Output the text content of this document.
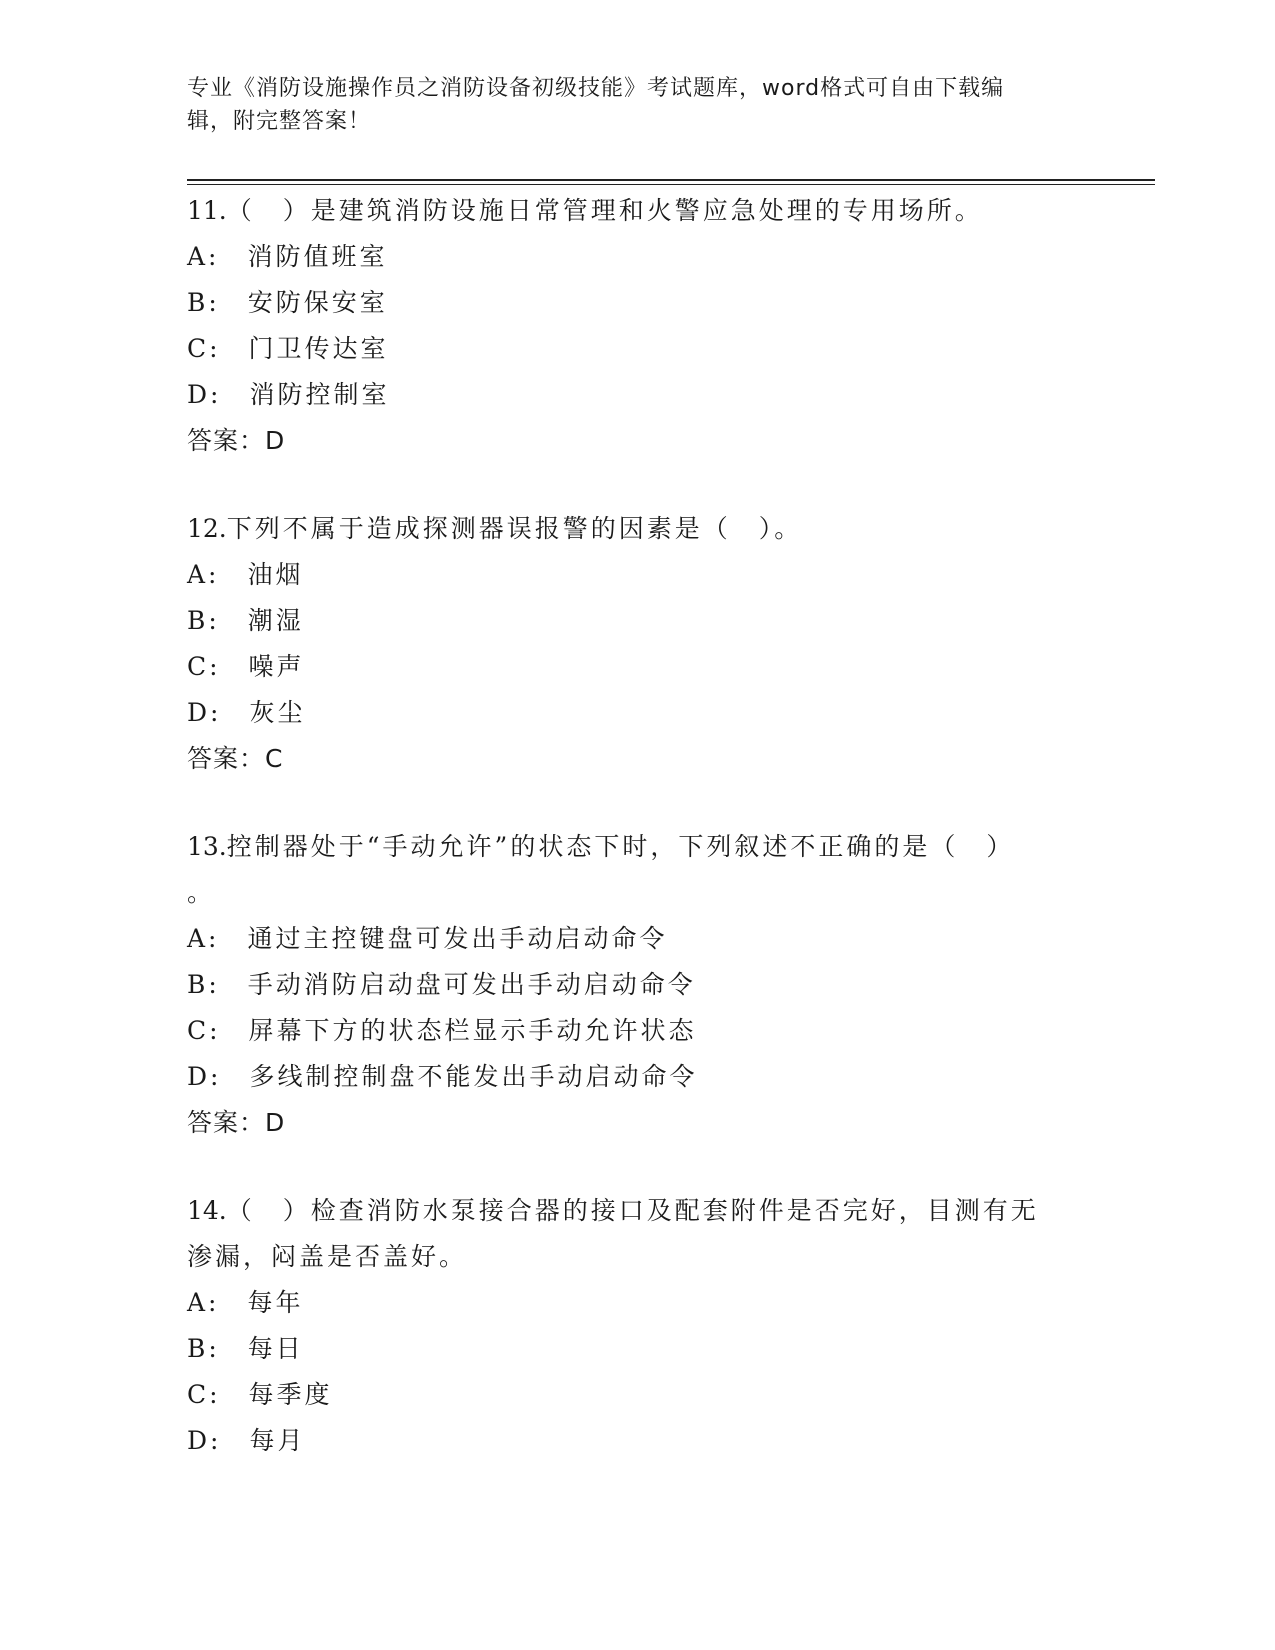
专业《消防设施操作员之消防设备初级技能》考试题库，word格式可自由下载编
辑，附完整答案！
11.（　）是建筑消防设施日常管理和火警应急处理的专用场所。
A:　消防值班室
B:　安防保安室
C:　门卫传达室
D:　消防控制室
答案：D
12.下列不属于造成探测器误报警的因素是（　）。
A:　油烟
B:　潮湿
C:　噪声
D:　灰尘
答案：C
13.控制器处于“手动允许”的状态下时，下列叙述不正确的是（　）
。
A:　通过主控键盘可发出手动启动命令
B:　手动消防启动盘可发出手动启动命令
C:　屏幕下方的状态栏显示手动允许状态
D:　多线制控制盘不能发出手动启动命令
答案：D
14.（　）检查消防水泵接合器的接口及配套附件是否完好，目测有无
渗漏，闷盖是否盖好。
A:　每年
B:　每日
C:　每季度
D:　每月
